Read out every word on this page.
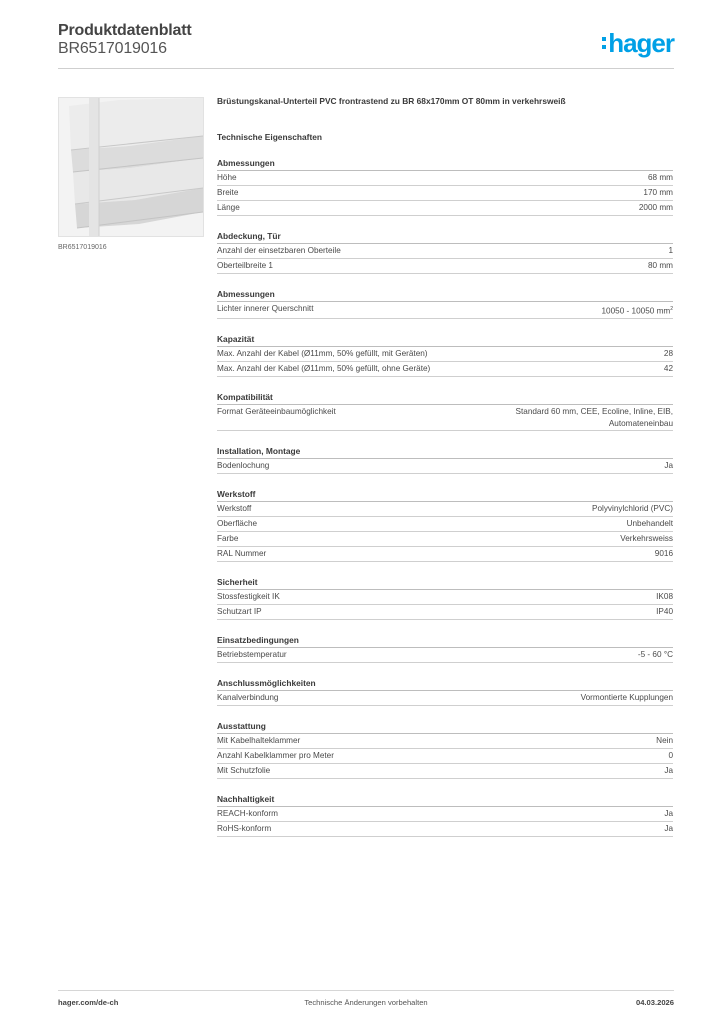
Produktdatenblatt
BR6517019016	hager
BR6517019016
Brüstungskanal-Unterteil PVC frontrastend zu BR 68x170mm OT 80mm in verkehrsweiß
Technische Eigenschaften
Abmessungen
Höhe	68 mm
Breite	170 mm
Länge	2000 mm
Abdeckung, Tür
Anzahl der einsetzbaren Oberteile	1
Oberteilbreite 1	80 mm
Abmessungen
Lichter innerer Querschnitt	10050 - 10050 $mm^2$
Kapazität
Max. Anzahl der Kabel (Ø11mm, 50% gefüllt, mit Geräten)	28
Max. Anzahl der Kabel (Ø11mm, 50% gefüllt, ohne Geräte)	42
Kompatibilität
Format Geräteeinbaumöglichkeit	Standard 60 mm, CEE, Ecoline, Inline, EIB, Automateneinbau
Installation, Montage
Bodenlochung	Ja
Werkstoff
Werkstoff	Polyvinylchlorid (PVC)
Oberfläche	Unbehandelt
Farbe	Verkehrsweiss
RAL Nummer	9016
Sicherheit
Stossfestigkeit IK	IK08
Schutzart IP	IP40
Einsatzbedingungen
Betriebstemperatur	-5 - 60 °C
Anschlussmöglichkeiten
Kanalverbindung	Vormontierte Kupplungen
Ausstattung
Mit Kabelhalteklammer	Nein
Anzahl Kabelklammer pro Meter	0
Mit Schutzfolie	Ja
Nachhaltigkeit
REACH-konform	Ja
RoHS-konform	Ja
hager.com/de-ch	Technische Änderungen vorbehalten	04.03.2026
